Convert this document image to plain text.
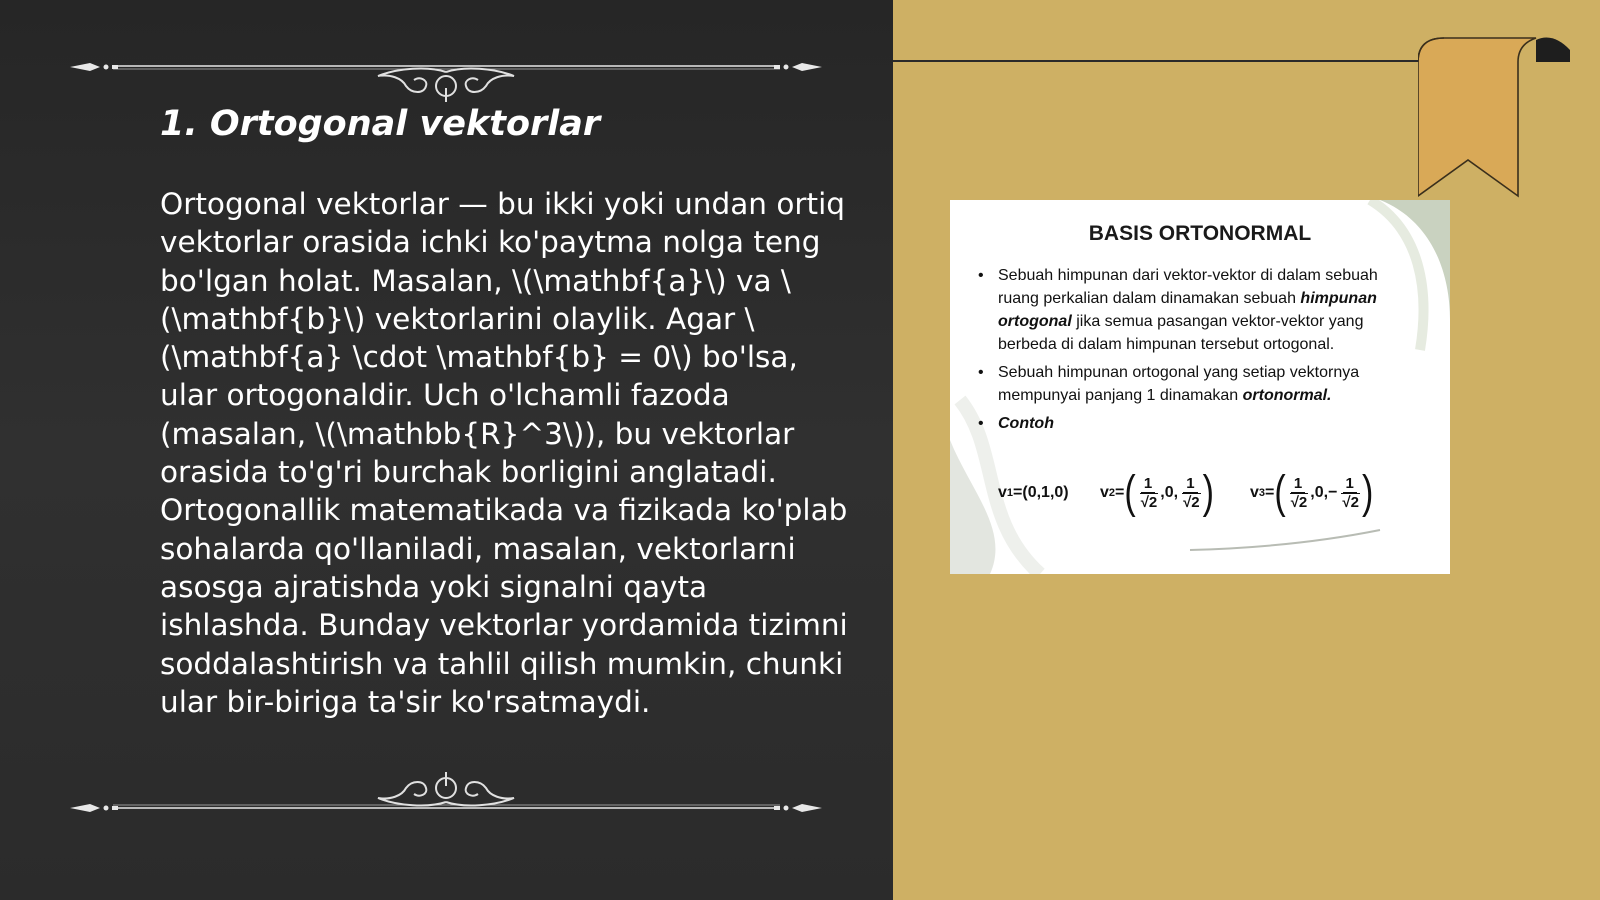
1. Ortogonal vektorlar

Ortogonal vektorlar — bu ikki yoki undan ortiq vektorlar orasida ichki ko'paytma nolga teng bo'lgan holat. Masalan, \(\mathbf{a}\) va \(\mathbf{b}\) vektorlarini olaylik. Agar \(\mathbf{a} \cdot \mathbf{b} = 0\) bo'lsa, ular ortogonaldir. Uch o'lchamli fazoda (masalan, \(\mathbb{R}^3\)), bu vektorlar orasida to'g'ri burchak borligini anglatadi. Ortogonallik matematikada va fizikada ko'plab sohalarda qo'llaniladi, masalan, vektorlarni asosga ajratishda yoki signalni qayta ishlashda. Bunday vektorlar yordamida tizimni soddalashtirish va tahlil qilish mumkin, chunki ular bir-biriga ta'sir ko'rsatmaydi.

BASIS ORTONORMAL
• Sebuah himpunan dari vektor-vektor di dalam sebuah ruang perkalian dalam dinamakan sebuah himpunan ortogonal jika semua pasangan vektor-vektor yang berbeda di dalam himpunan tersebut ortogonal.
• Sebuah himpunan ortogonal yang setiap vektornya mempunyai panjang 1 dinamakan ortonormal.
• Contoh
v 1 =(0,1,0) v 2 = ( $\frac{1}{√2} ,0$, $\frac{1}{√2}$ ) v 3 = ( $\frac{1}{√2} ,0,- \frac{1}{√2}$ )
